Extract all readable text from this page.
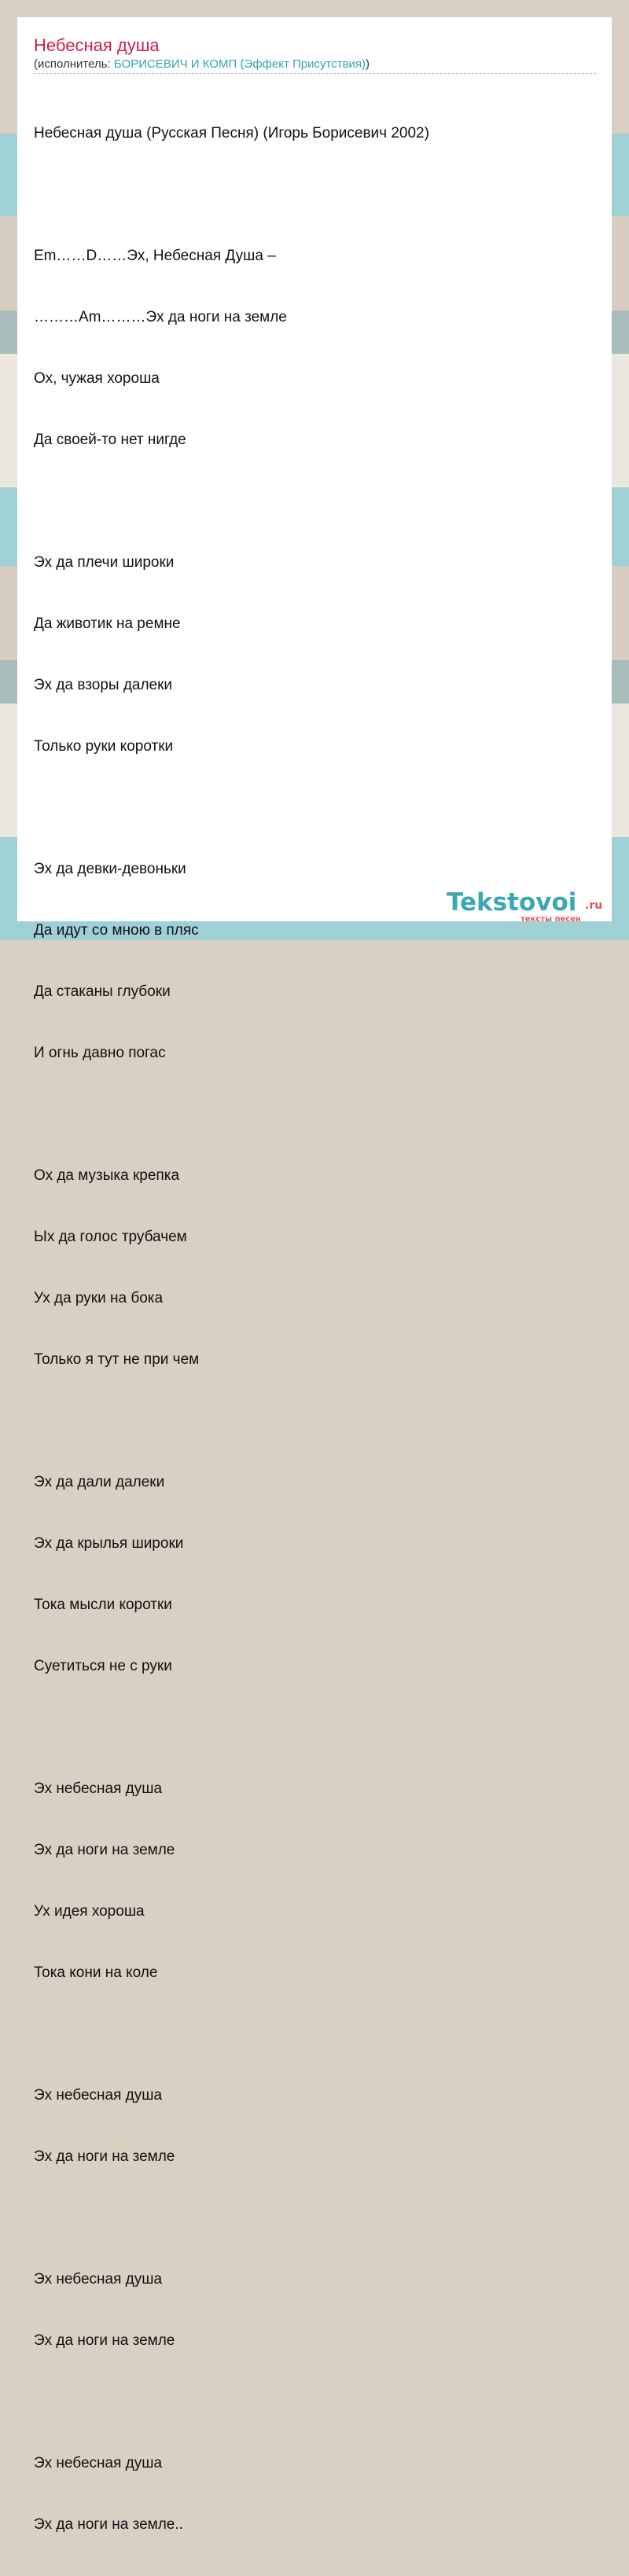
Небесная душа
(исполнитель: БОРИСЕВИЧ И КОМП (Эффект Присутствия))

Небесная душа (Русская Песня) (Игорь Борисевич 2002)

Em……D……Эх, Небесная Душа –

………Am………Эх да ноги на земле

Ох, чужая хороша

Да своей-то нет нигде

Эх да плечи широки

Да животик на ремне

Эх да взоры далеки

Только руки коротки

Эх да девки-девоньки

Да идут со мною в пляс

Да стаканы глубоки

И огнь давно погас

Ох да музыка крепка

Ых да голос трубачем

Ух да руки на бока

Только я тут не при чем

Эх да дали далеки

Эх да крылья широки

Тока мысли коротки

Суетиться не с руки

Эх небесная душа

Эх да ноги на земле

Ух идея хороша

Тока кони на коле

Эх небесная душа

Эх да ноги на земле

Эх небесная душа

Эх да ноги на земле

Эх небесная душа

Эх да ноги на земле..

Tekstovoi .ru
тексты песен
